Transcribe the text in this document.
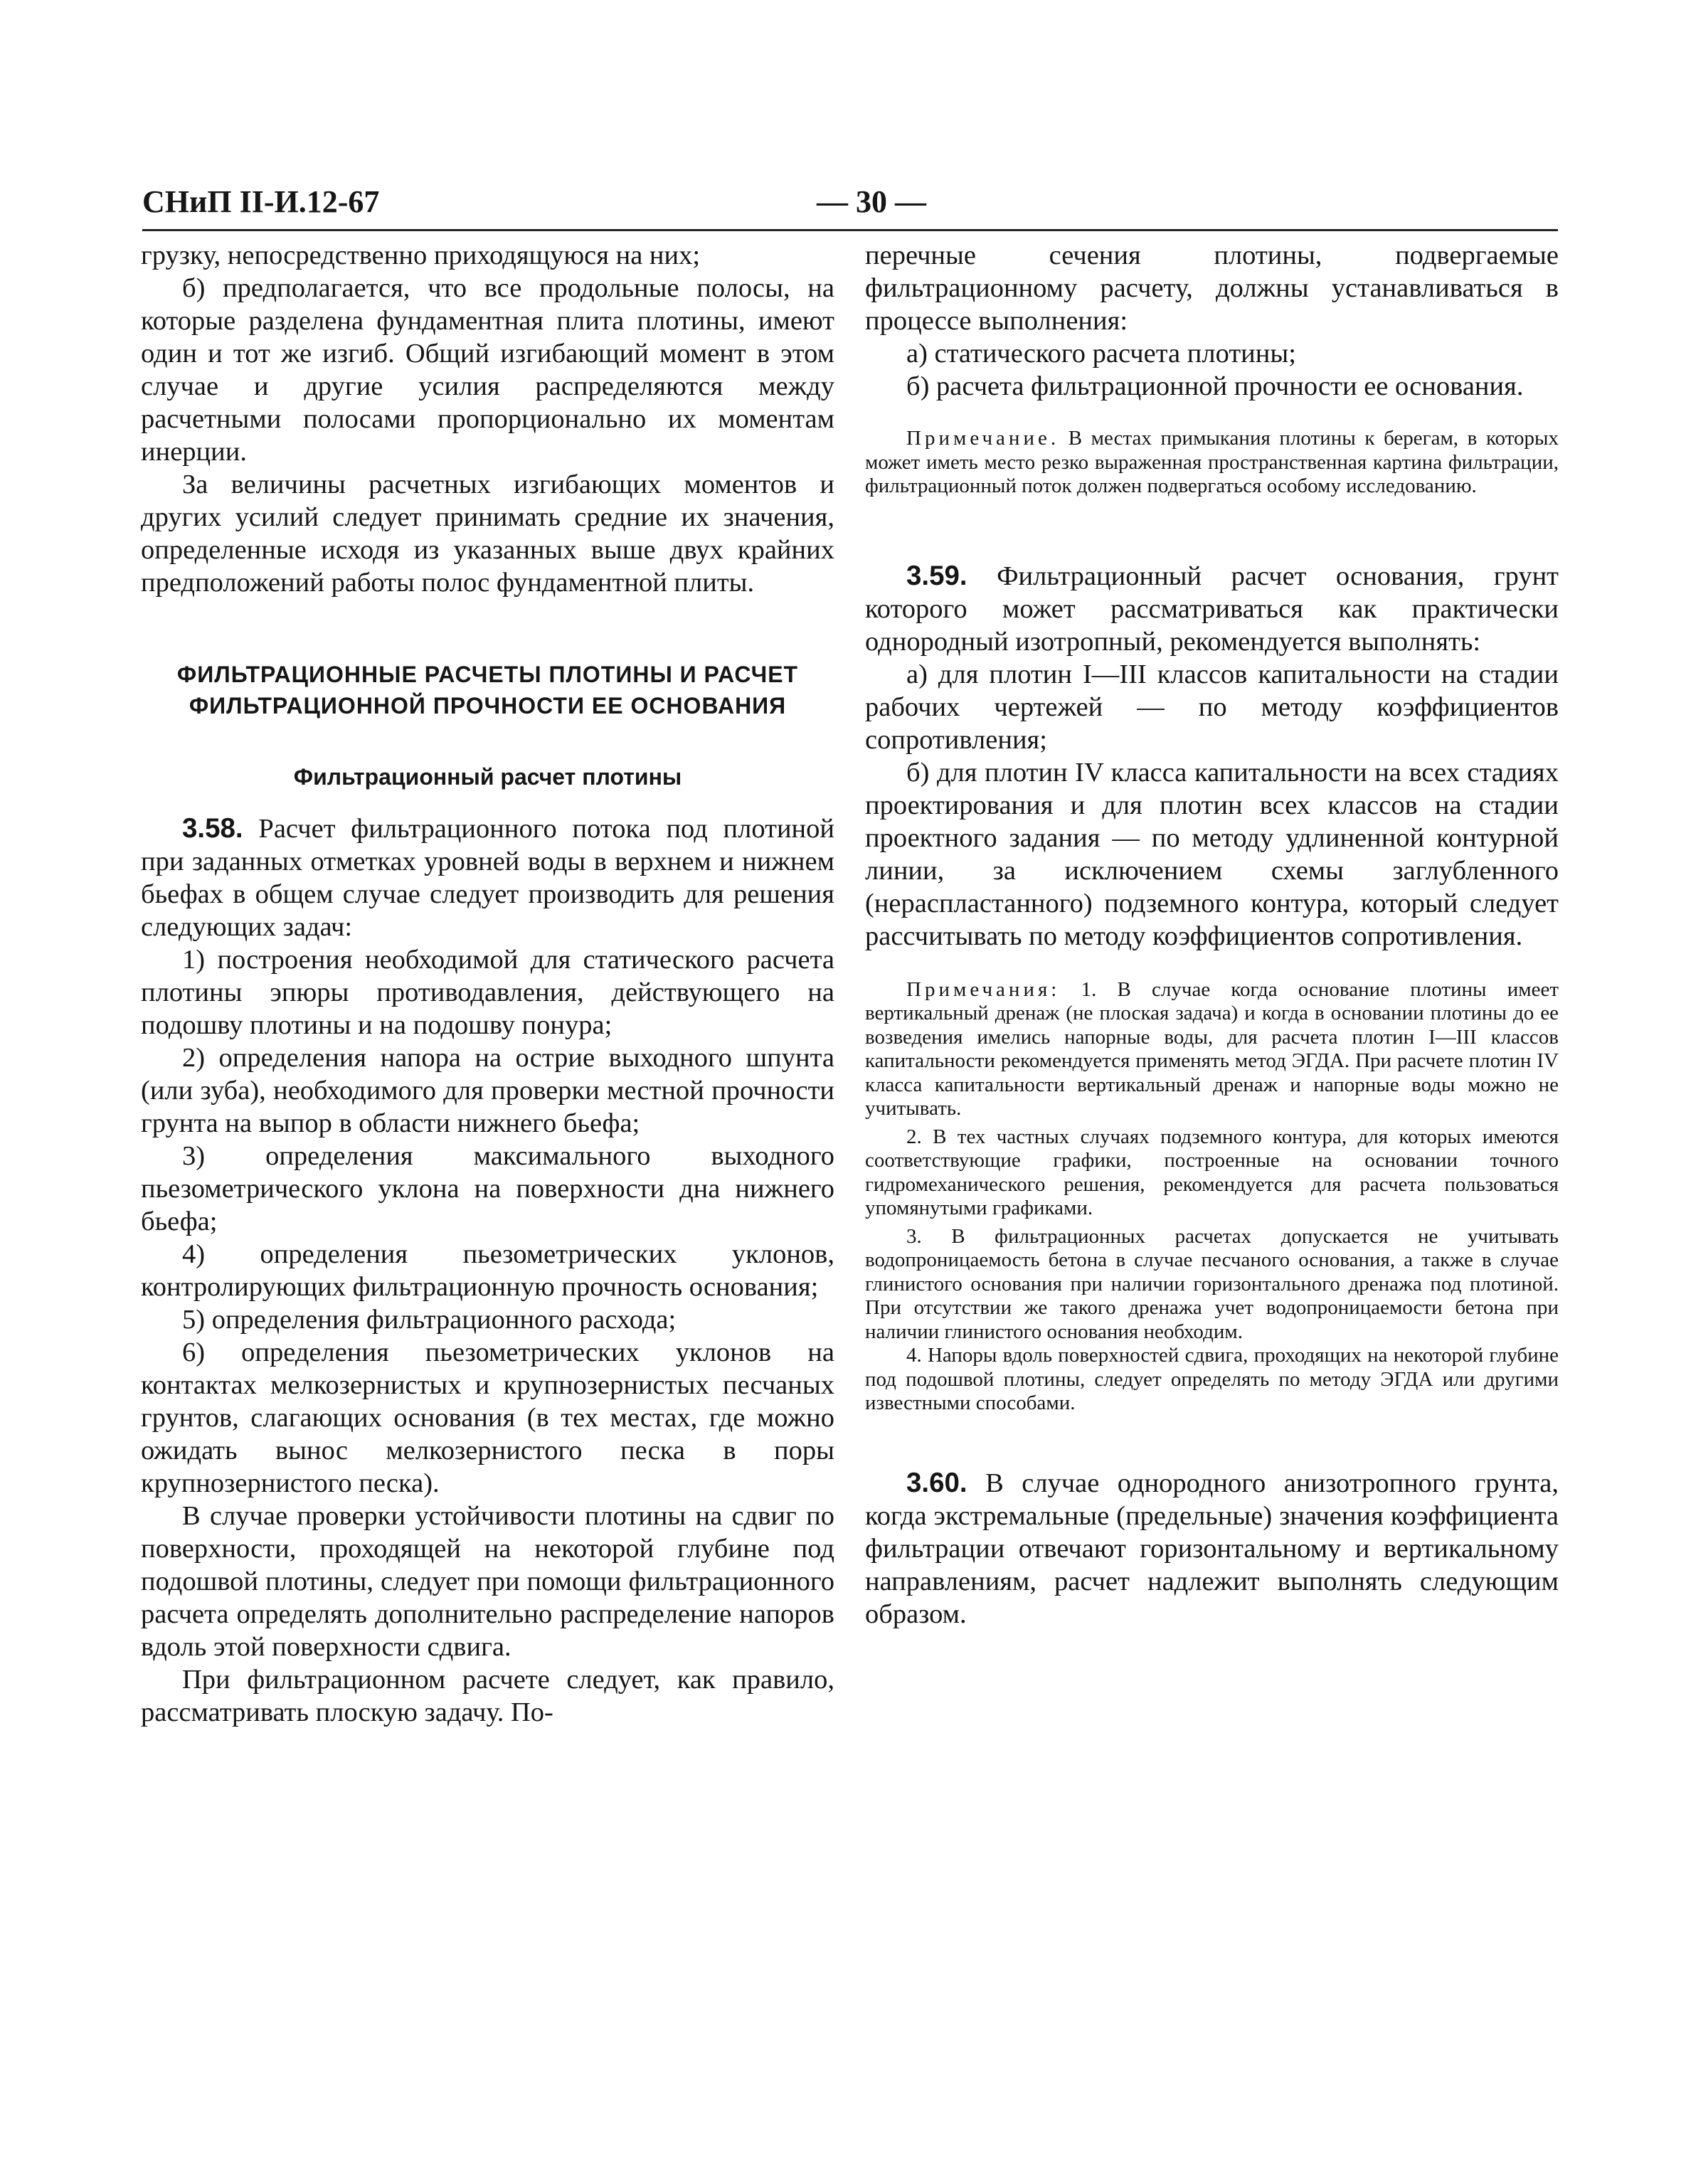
СНиП II-И.12-67	— 30 —

грузку, непосредственно приходящуюся на них;

б) предполагается, что все продольные полосы, на которые разделена фундаментная плита плотины, имеют один и тот же изгиб. Общий изгибающий момент в этом случае и другие усилия распределяются между расчетными полосами пропорционально их моментам инерции.

За величины расчетных изгибающих моментов и других усилий следует принимать средние их значения, определенные исходя из указанных выше двух крайних предположений работы полос фундаментной плиты.

ФИЛЬТРАЦИОННЫЕ РАСЧЕТЫ ПЛОТИНЫ И РАСЧЕТ ФИЛЬТРАЦИОННОЙ ПРОЧНОСТИ ЕЕ ОСНОВАНИЯ

Фильтрационный расчет плотины

3.58. Расчет фильтрационного потока под плотиной при заданных отметках уровней воды в верхнем и нижнем бьефах в общем случае следует производить для решения следующих задач:

1) построения необходимой для статического расчета плотины эпюры противодавления, действующего на подошву плотины и на подошву понура;

2) определения напора на острие выходного шпунта (или зуба), необходимого для проверки местной прочности грунта на выпор в области нижнего бьефа;

3) определения максимального выходного пьезометрического уклона на поверхности дна нижнего бьефа;

4) определения пьезометрических уклонов, контролирующих фильтрационную прочность основания;

5) определения фильтрационного расхода;

6) определения пьезометрических уклонов на контактах мелкозернистых и крупнозернистых песчаных грунтов, слагающих основания (в тех местах, где можно ожидать вынос мелкозернистого песка в поры крупнозернистого песка).

В случае проверки устойчивости плотины на сдвиг по поверхности, проходящей на некоторой глубине под подошвой плотины, следует при помощи фильтрационного расчета определять дополнительно распределение напоров вдоль этой поверхности сдвига.

При фильтрационном расчете следует, как правило, рассматривать плоскую задачу. По-

перечные сечения плотины, подвергаемые фильтрационному расчету, должны устанавливаться в процессе выполнения:

а) статического расчета плотины;

б) расчета фильтрационной прочности ее основания.

Примечание. В местах примыкания плотины к берегам, в которых может иметь место резко выраженная пространственная картина фильтрации, фильтрационный поток должен подвергаться особому исследованию.

3.59. Фильтрационный расчет основания, грунт которого может рассматриваться как практически однородный изотропный, рекомендуется выполнять:

а) для плотин I—III классов капитальности на стадии рабочих чертежей — по методу коэффициентов сопротивления;

б) для плотин IV класса капитальности на всех стадиях проектирования и для плотин всех классов на стадии проектного задания — по методу удлиненной контурной линии, за исключением схемы заглубленного (нераспластанного) подземного контура, который следует рассчитывать по методу коэффициентов сопротивления.

Примечания: 1. В случае когда основание плотины имеет вертикальный дренаж (не плоская задача) и когда в основании плотины до ее возведения имелись напорные воды, для расчета плотин I—III классов капитальности рекомендуется применять метод ЭГДА. При расчете плотин IV класса капитальности вертикальный дренаж и напорные воды можно не учитывать.

2. В тех частных случаях подземного контура, для которых имеются соответствующие графики, построенные на основании точного гидромеханического решения, рекомендуется для расчета пользоваться упомянутыми графиками.

3. В фильтрационных расчетах допускается не учитывать водопроницаемость бетона в случае песчаного основания, а также в случае глинистого основания при наличии горизонтального дренажа под плотиной. При отсутствии же такого дренажа учет водопроницаемости бетона при наличии глинистого основания необходим.

4. Напоры вдоль поверхностей сдвига, проходящих на некоторой глубине под подошвой плотины, следует определять по методу ЭГДА или другими известными способами.

3.60. В случае однородного анизотропного грунта, когда экстремальные (предельные) значения коэффициента фильтрации отвечают горизонтальному и вертикальному направлениям, расчет надлежит выполнять следующим образом.
